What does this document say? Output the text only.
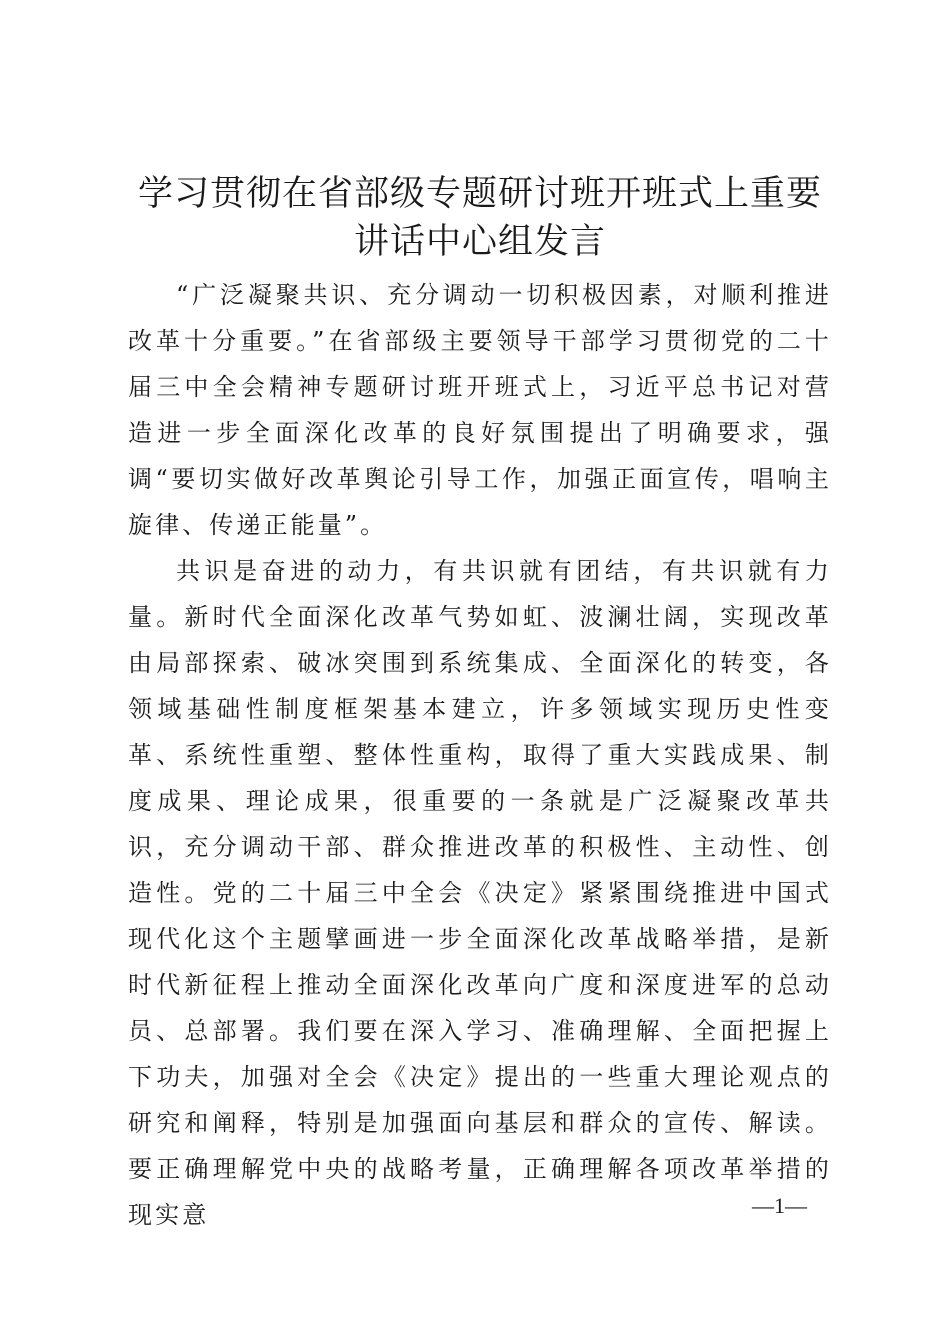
学习贯彻在省部级专题研讨班开班式上重要讲话中心组发言

“广泛凝聚共识、充分调动一切积极因素，对顺利推进改革十分重要。”在省部级主要领导干部学习贯彻党的二十届三中全会精神专题研讨班开班式上，习近平总书记对营造进一步全面深化改革的良好氛围提出了明确要求，强调“要切实做好改革舆论引导工作，加强正面宣传，唱响主旋律、传递正能量”。

共识是奋进的动力，有共识就有团结，有共识就有力量。新时代全面深化改革气势如虹、波澜壮阔，实现改革由局部探索、破冰突围到系统集成、全面深化的转变，各领域基础性制度框架基本建立，许多领域实现历史性变革、系统性重塑、整体性重构，取得了重大实践成果、制度成果、理论成果，很重要的一条就是广泛凝聚改革共识，充分调动干部、群众推进改革的积极性、主动性、创造性。党的二十届三中全会《决定》紧紧围绕推进中国式现代化这个主题擘画进一步全面深化改革战略举措，是新时代新征程上推动全面深化改革向广度和深度进军的总动员、总部署。我们要在深入学习、准确理解、全面把握上下功夫，加强对全会《决定》提出的一些重大理论观点的研究和阐释，特别是加强面向基层和群众的宣传、解读。要正确理解党中央的战略考量，正确理解各项改革举措的现实意	—1—
